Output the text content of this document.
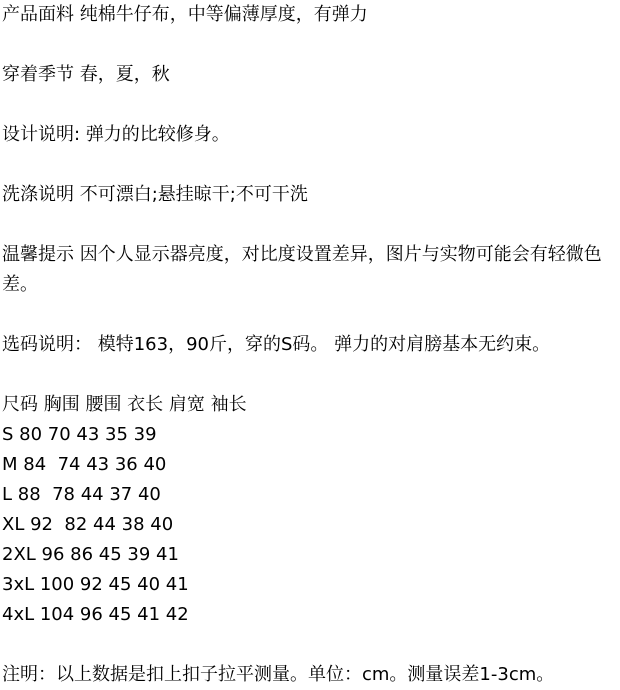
产品面料 纯棉牛仔布，中等偏薄厚度，有弹力
穿着季节 春，夏，秋
设计说明: 弹力的比较修身。
洗涤说明 不可漂白;悬挂晾干;不可干洗
温馨提示 因个人显示器亮度，对比度设置差异，图片与实物可能会有轻微色差。
选码说明： 模特163，90斤，穿的S码。 弹力的对肩膀基本无约束。
尺码 胸围 腰围 衣长 肩宽 袖长
S 80 70 43 35 39
M 84  74 43 36 40
L 88  78 44 37 40
XL 92  82 44 38 40
2XL 96 86 45 39 41
3xL 100 92 45 40 41
4xL 104 96 45 41 42
注明：以上数据是扣上扣子拉平测量。单位：cm。测量误差1-3cm。
